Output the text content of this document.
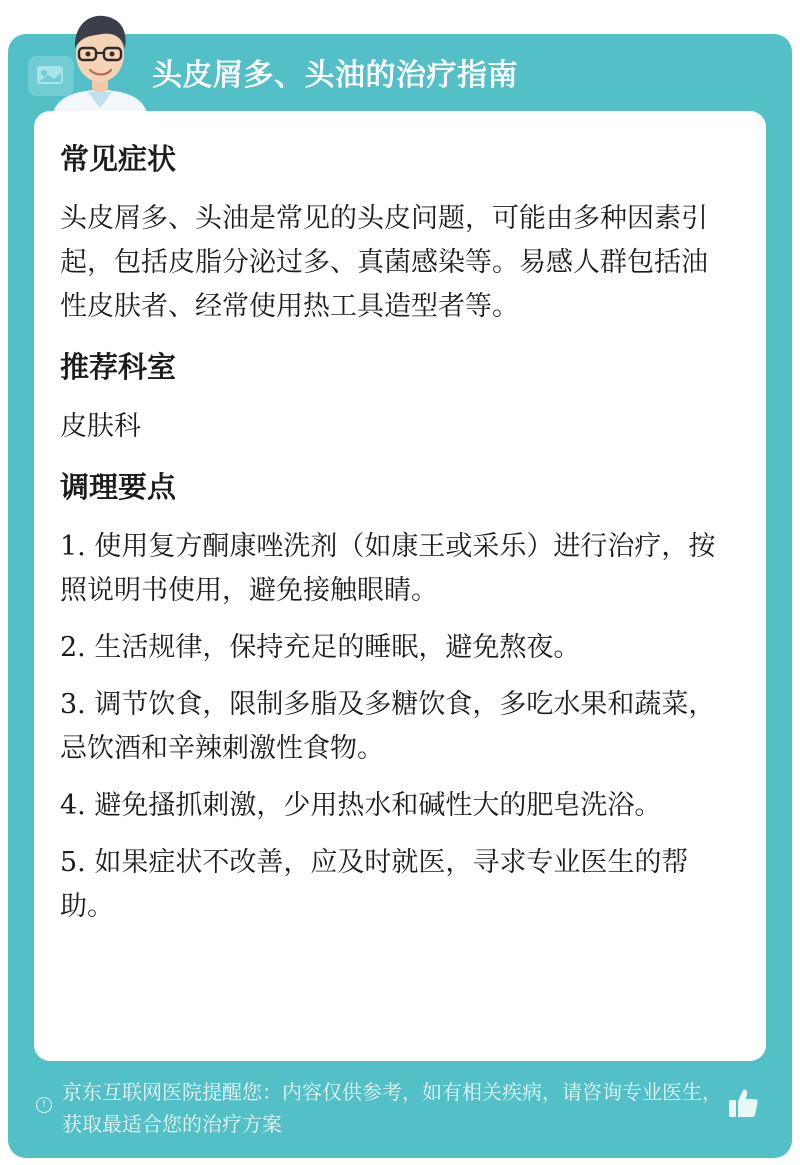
头皮屑多、头油的治疗指南
常见症状
头皮屑多、头油是常见的头皮问题，可能由多种因素引起，包括皮脂分泌过多、真菌感染等。易感人群包括油性皮肤者、经常使用热工具造型者等。
推荐科室
皮肤科
调理要点
1. 使用复方酮康唑洗剂（如康王或采乐）进行治疗，按照说明书使用，避免接触眼睛。
2. 生活规律，保持充足的睡眠，避免熬夜。
3. 调节饮食，限制多脂及多糖饮食，多吃水果和蔬菜，忌饮酒和辛辣刺激性食物。
4. 避免搔抓刺激，少用热水和碱性大的肥皂洗浴。
5. 如果症状不改善，应及时就医，寻求专业医生的帮助。
!
京东互联网医院提醒您：内容仅供参考，如有相关疾病，请咨询专业医生，获取最适合您的治疗方案
